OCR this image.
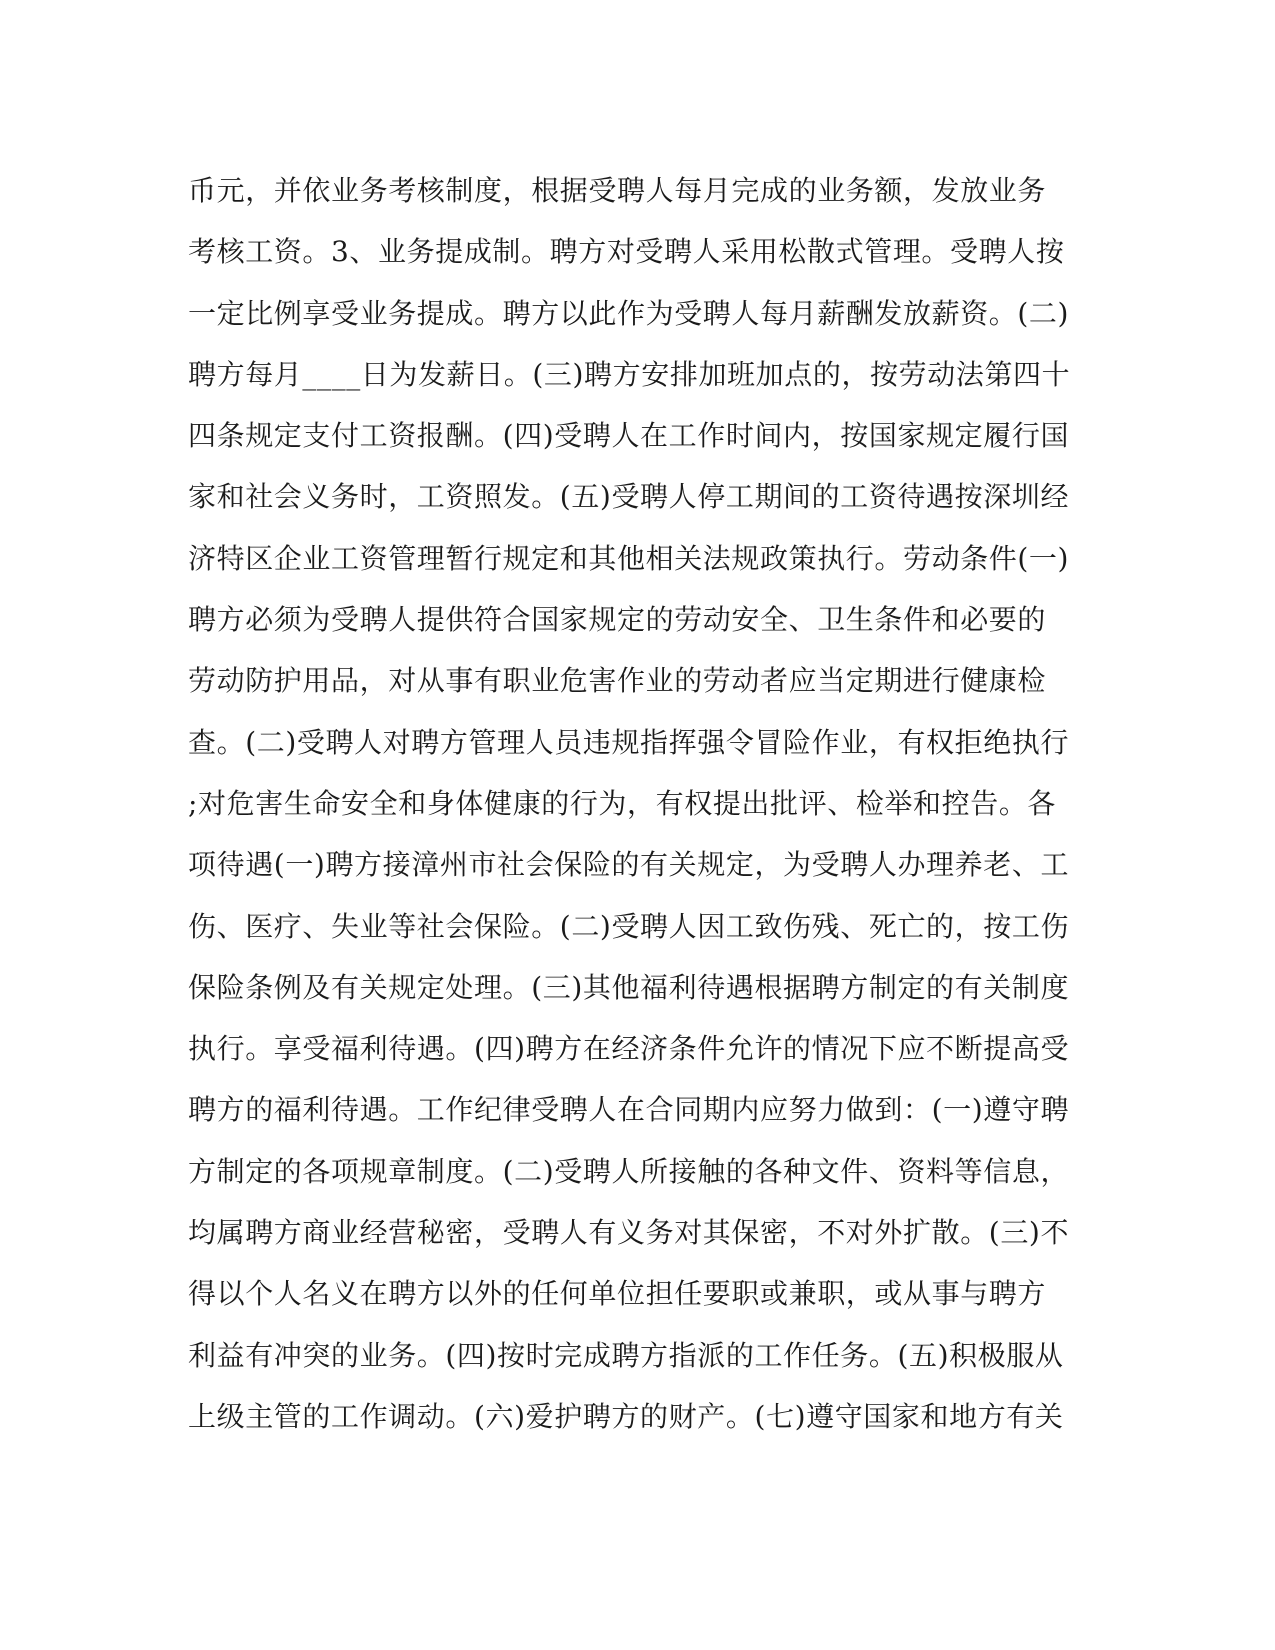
币元，并依业务考核制度，根据受聘人每月完成的业务额，发放业务
考核工资。3、业务提成制。聘方对受聘人采用松散式管理。受聘人按
一定比例享受业务提成。聘方以此作为受聘人每月薪酬发放薪资。(二)
聘方每月____日为发薪日。(三)聘方安排加班加点的，按劳动法第四十
四条规定支付工资报酬。(四)受聘人在工作时间内，按国家规定履行国
家和社会义务时，工资照发。(五)受聘人停工期间的工资待遇按深圳经
济特区企业工资管理暂行规定和其他相关法规政策执行。劳动条件(一)
聘方必须为受聘人提供符合国家规定的劳动安全、卫生条件和必要的
劳动防护用品，对从事有职业危害作业的劳动者应当定期进行健康检
查。(二)受聘人对聘方管理人员违规指挥强令冒险作业，有权拒绝执行
;对危害生命安全和身体健康的行为，有权提出批评、检举和控告。各
项待遇(一)聘方接漳州市社会保险的有关规定，为受聘人办理养老、工
伤、医疗、失业等社会保险。(二)受聘人因工致伤残、死亡的，按工伤
保险条例及有关规定处理。(三)其他福利待遇根据聘方制定的有关制度
执行。享受福利待遇。(四)聘方在经济条件允许的情况下应不断提高受
聘方的福利待遇。工作纪律受聘人在合同期内应努力做到：(一)遵守聘
方制定的各项规章制度。(二)受聘人所接触的各种文件、资料等信息，
均属聘方商业经营秘密，受聘人有义务对其保密，不对外扩散。(三)不
得以个人名义在聘方以外的任何单位担任要职或兼职，或从事与聘方
利益有冲突的业务。(四)按时完成聘方指派的工作任务。(五)积极服从
上级主管的工作调动。(六)爱护聘方的财产。(七)遵守国家和地方有关
